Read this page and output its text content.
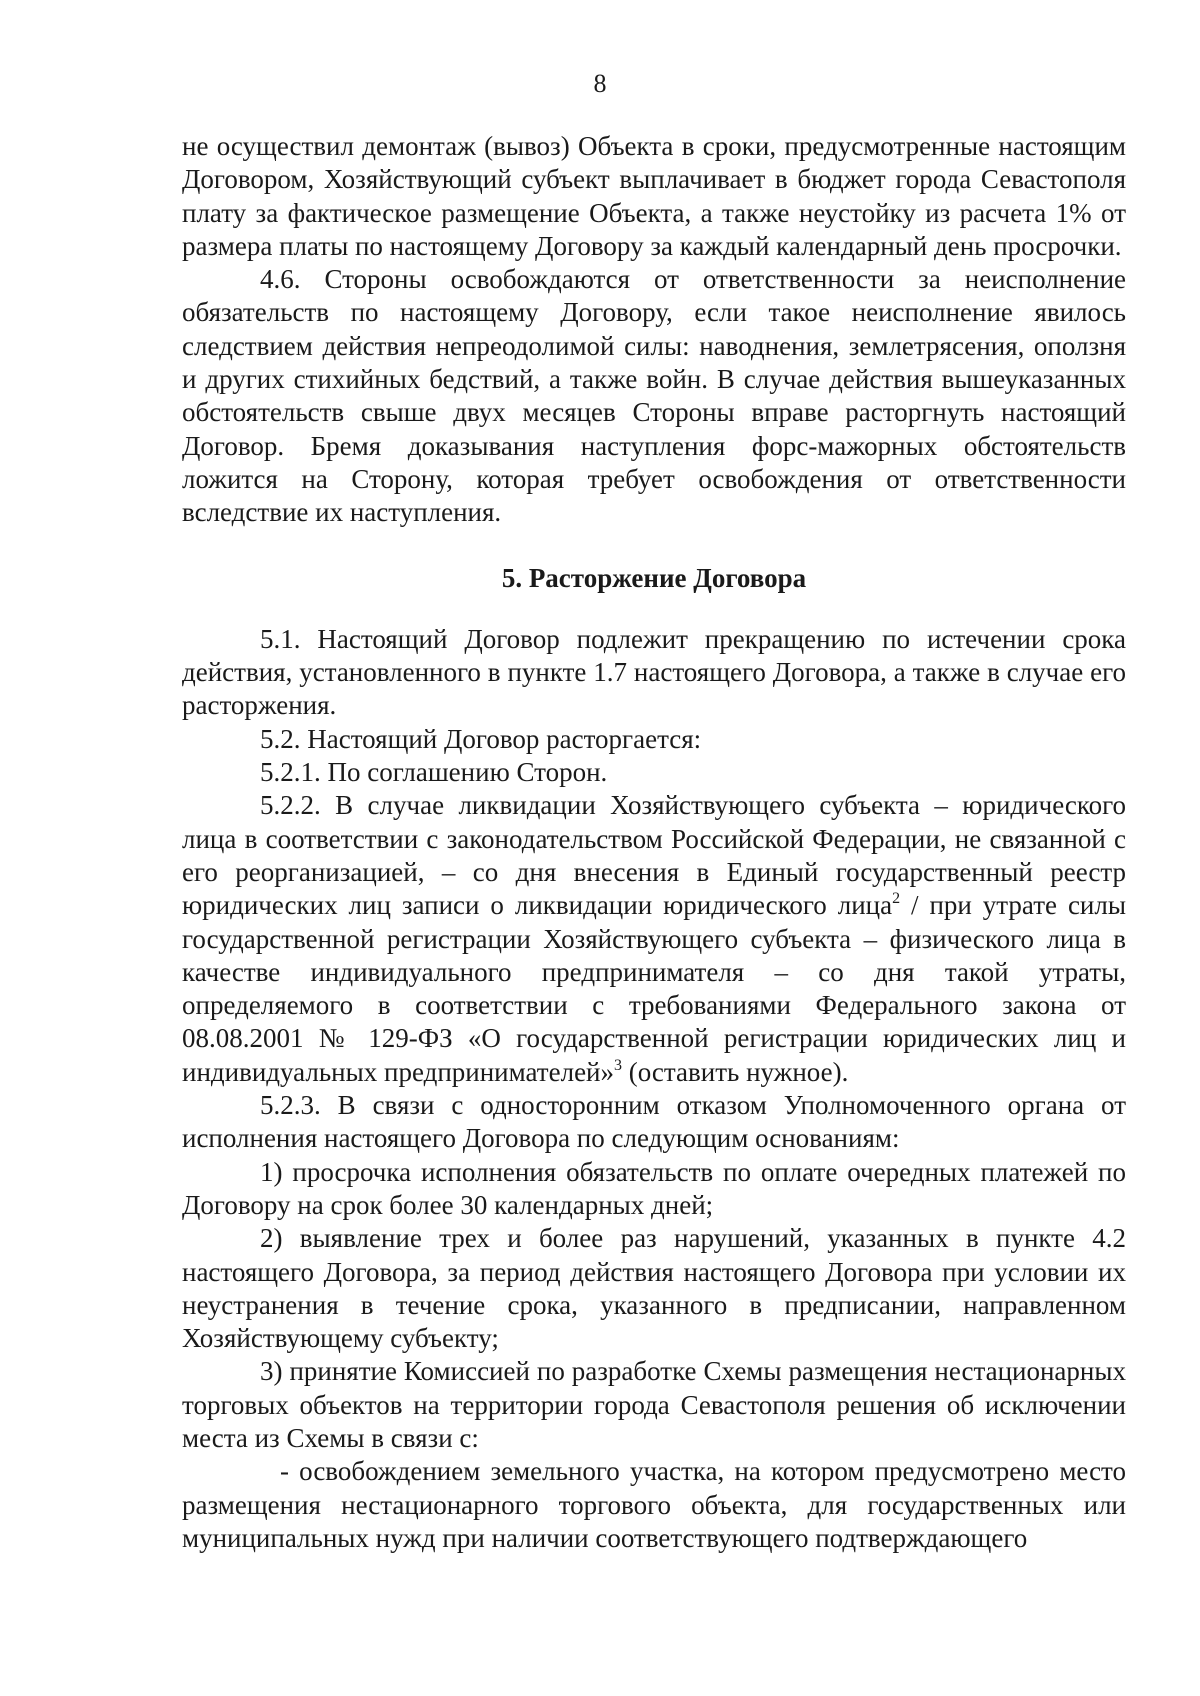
8

не осуществил демонтаж (вывоз) Объекта в сроки, предусмотренные настоящим Договором, Хозяйствующий субъект выплачивает в бюджет города Севастополя плату за фактическое размещение Объекта, а также неустойку из расчета 1% от размера платы по настоящему Договору за каждый календарный день просрочки.

4.6. Стороны освобождаются от ответственности за неисполнение обязательств по настоящему Договору, если такое неисполнение явилось следствием действия непреодолимой силы: наводнения, землетрясения, оползня и других стихийных бедствий, а также войн. В случае действия вышеуказанных обстоятельств свыше двух месяцев Стороны вправе расторгнуть настоящий Договор. Бремя доказывания наступления форс-мажорных обстоятельств ложится на Сторону, которая требует освобождения от ответственности вследствие их наступления.

5. Расторжение Договора

5.1. Настоящий Договор подлежит прекращению по истечении срока действия, установленного в пункте 1.7 настоящего Договора, а также в случае его расторжения.

5.2. Настоящий Договор расторгается:

5.2.1. По соглашению Сторон.

5.2.2. В случае ликвидации Хозяйствующего субъекта – юридического лица в соответствии с законодательством Российской Федерации, не связанной с его реорганизацией, – со дня внесения в Единый государственный реестр юридических лиц записи о ликвидации юридического лица$^2$ / при утрате силы государственной регистрации Хозяйствующего субъекта – физического лица в качестве индивидуального предпринимателя – со дня такой утраты, определяемого в соответствии с требованиями Федерального закона от 08.08.2001 № 129-ФЗ «О государственной регистрации юридических лиц и индивидуальных предпринимателей»$^3$ (оставить нужное).

5.2.3. В связи с односторонним отказом Уполномоченного органа от исполнения настоящего Договора по следующим основаниям:

1) просрочка исполнения обязательств по оплате очередных платежей по Договору на срок более 30 календарных дней;

2) выявление трех и более раз нарушений, указанных в пункте 4.2 настоящего Договора, за период действия настоящего Договора при условии их неустранения в течение срока, указанного в предписании, направленном Хозяйствующему субъекту;

3) принятие Комиссией по разработке Схемы размещения нестационарных торговых объектов на территории города Севастополя решения об исключении места из Схемы в связи с:

- освобождением земельного участка, на котором предусмотрено место размещения нестационарного торгового объекта, для государственных или муниципальных нужд при наличии соответствующего подтверждающего
